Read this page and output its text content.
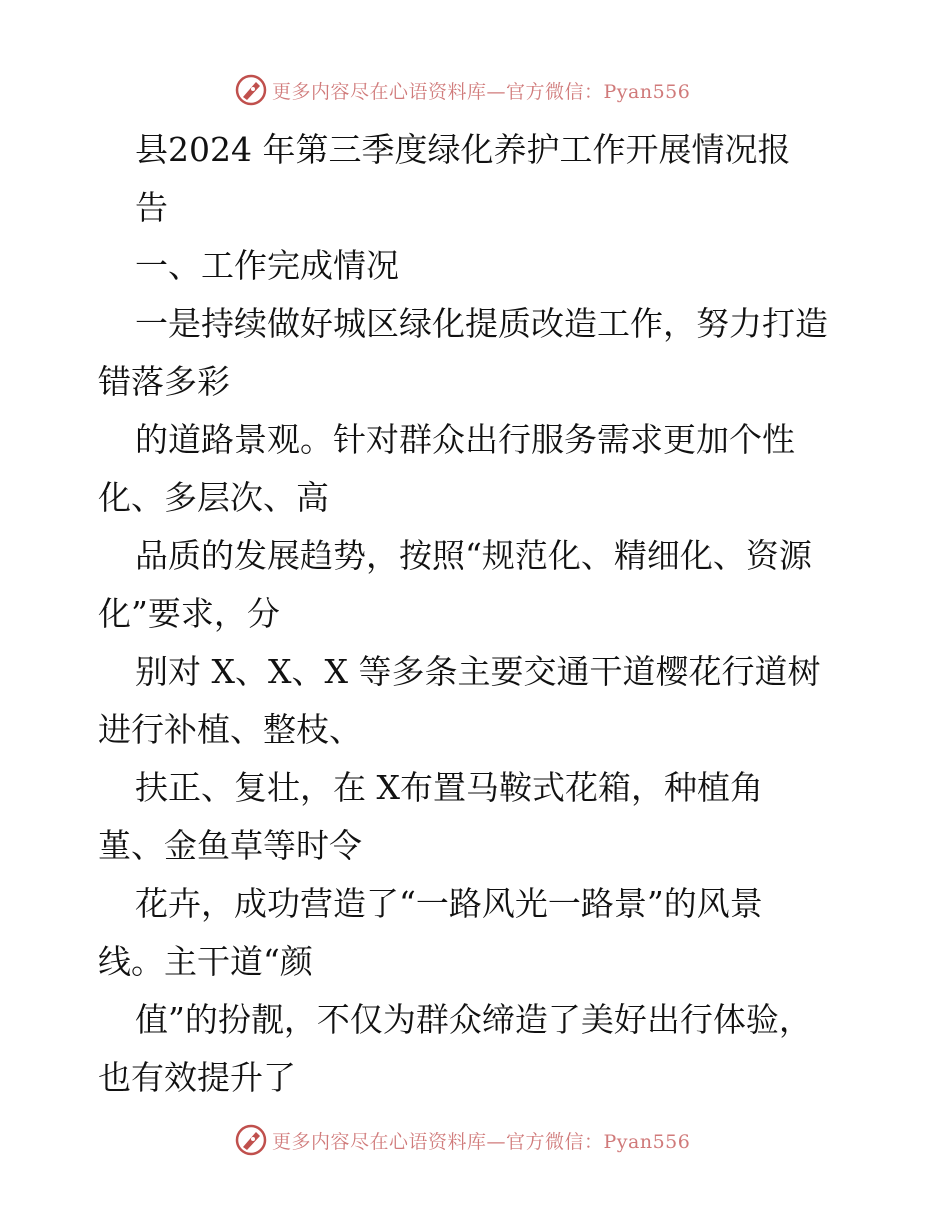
更多内容尽在心语资料库—官方微信：Pyan556
县2024 年第三季度绿化养护工作开展情况报
告
一、工作完成情况
一是持续做好城区绿化提质改造工作，努力打造
错落多彩
的道路景观。针对群众出行服务需求更加个性
化、多层次、高
品质的发展趋势，按照“规范化、精细化、资源
化”要求，分
别对 X、X、X 等多条主要交通干道樱花行道树
进行补植、整枝、
扶正、复壮，在 X布置马鞍式花箱，种植角
堇、金鱼草等时令
花卉，成功营造了“一路风光一路景”的风景
线。主干道“颜
值”的扮靓，不仅为群众缔造了美好出行体验，
也有效提升了
更多内容尽在心语资料库—官方微信：Pyan556
